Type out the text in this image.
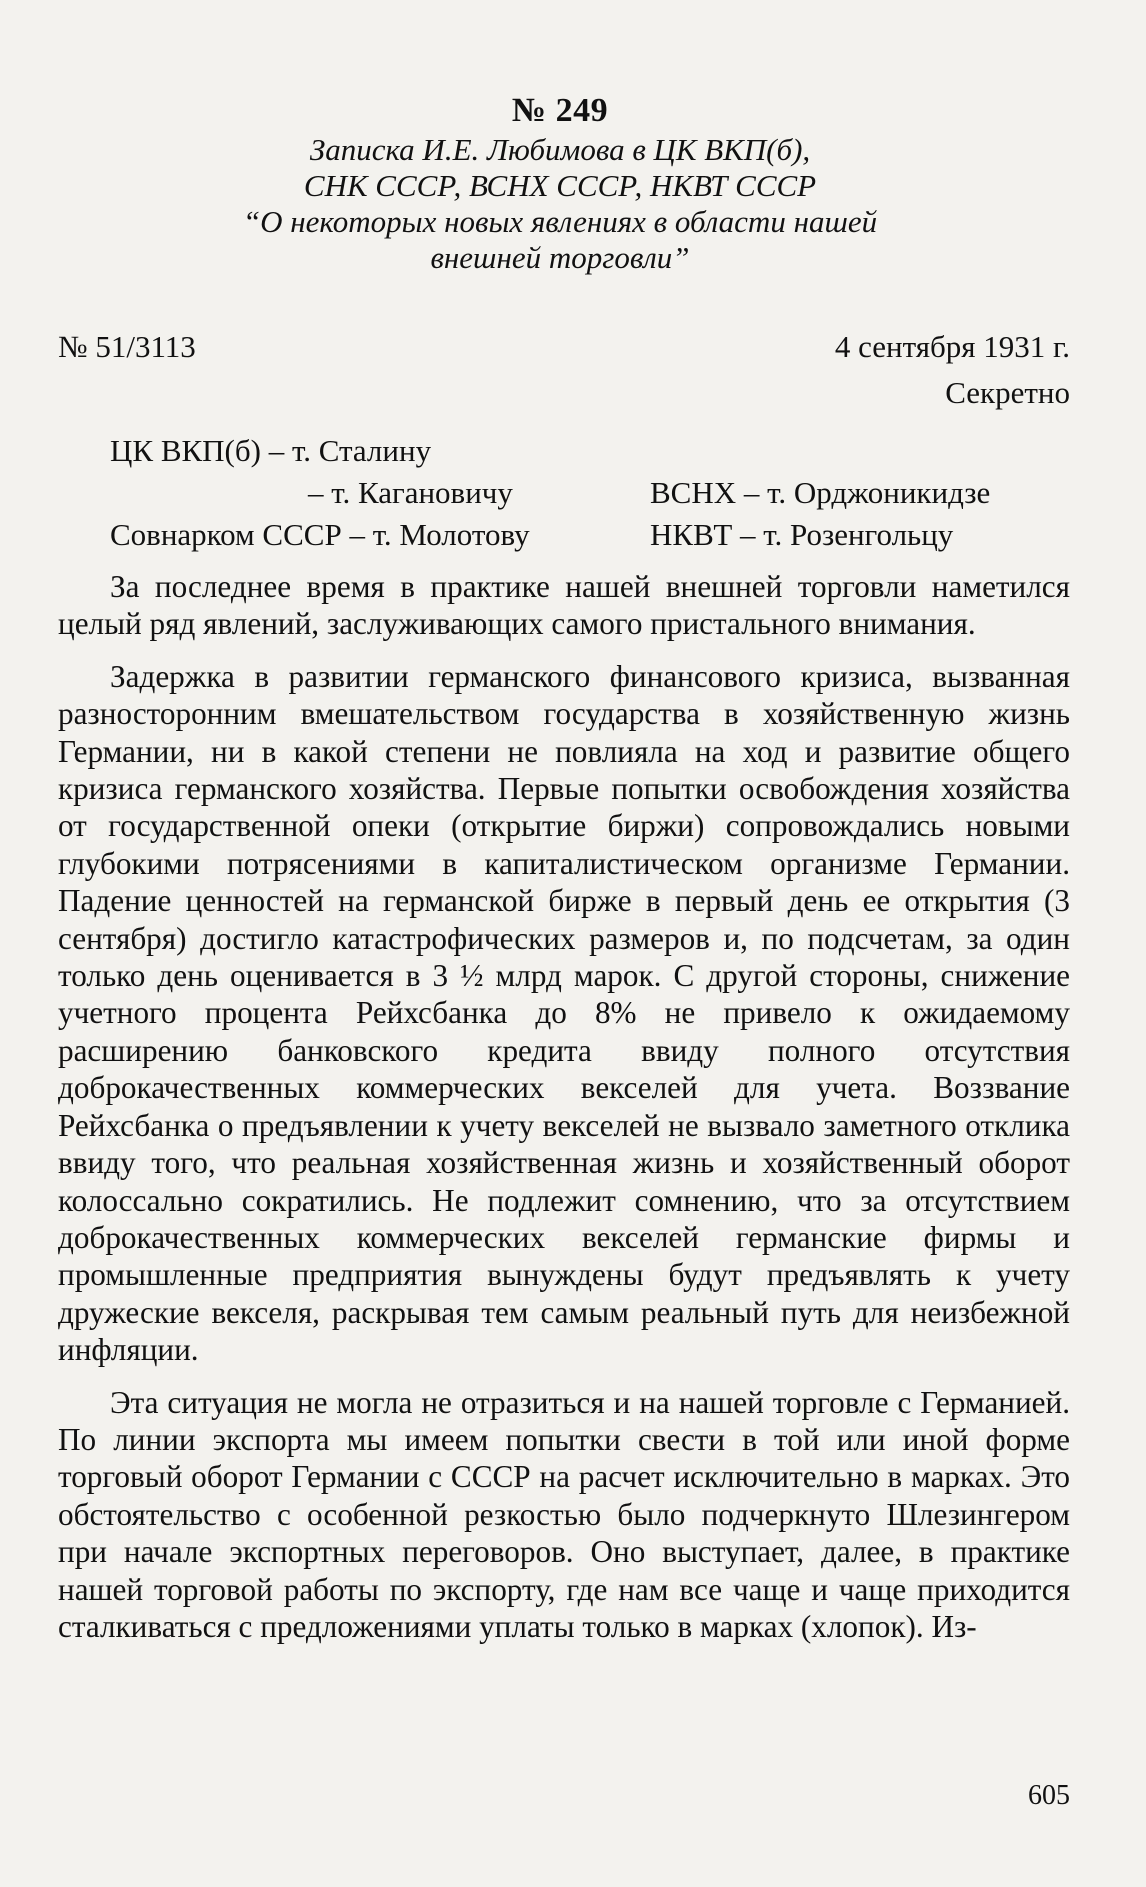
№ 249
Записка И.Е. Любимова в ЦК ВКП(б),
СНК СССР, ВСНХ СССР, НКВТ СССР
“О некоторых новых явлениях в области нашей
внешней торговли”
№ 51/3113	4 сентября 1931 г.
Секретно
ЦК ВКП(б) – т. Сталину
– т. Кагановичу	ВСНХ – т. Орджоникидзе
Совнарком СССР – т. Молотову	НКВТ – т. Розенгольцу

За последнее время в практике нашей внешней торговли наметился целый ряд явлений, заслуживающих самого пристального внимания.

Задержка в развитии германского финансового кризиса, вызванная разносторонним вмешательством государства в хозяйственную жизнь Германии, ни в какой степени не повлияла на ход и развитие общего кризиса германского хозяйства. Первые попытки освобождения хозяйства от государственной опеки (открытие биржи) сопровождались новыми глубокими потрясениями в капиталистическом организме Германии. Падение ценностей на германской бирже в первый день ее открытия (3 сентября) достигло катастрофических размеров и, по подсчетам, за один только день оценивается в 3 ½ млрд марок. С другой стороны, снижение учетного процента Рейхсбанка до 8% не привело к ожидаемому расширению банковского кредита ввиду полного отсутствия доброкачественных коммерческих векселей для учета. Воззвание Рейхсбанка о предъявлении к учету векселей не вызвало заметного отклика ввиду того, что реальная хозяйственная жизнь и хозяйственный оборот колоссально сократились. Не подлежит сомнению, что за отсутствием доброкачественных коммерческих векселей германские фирмы и промышленные предприятия вынуждены будут предъявлять к учету дружеские векселя, раскрывая тем самым реальный путь для неизбежной инфляции.

Эта ситуация не могла не отразиться и на нашей торговле с Германией. По линии экспорта мы имеем попытки свести в той или иной форме торговый оборот Германии с СССР на расчет исключительно в марках. Это обстоятельство с особенной резкостью было подчеркнуто Шлезингером при начале экспортных переговоров. Оно выступает, далее, в практике нашей торговой работы по экспорту, где нам все чаще и чаще приходится сталкиваться с предложениями уплаты только в марках (хлопок). Из-

605
